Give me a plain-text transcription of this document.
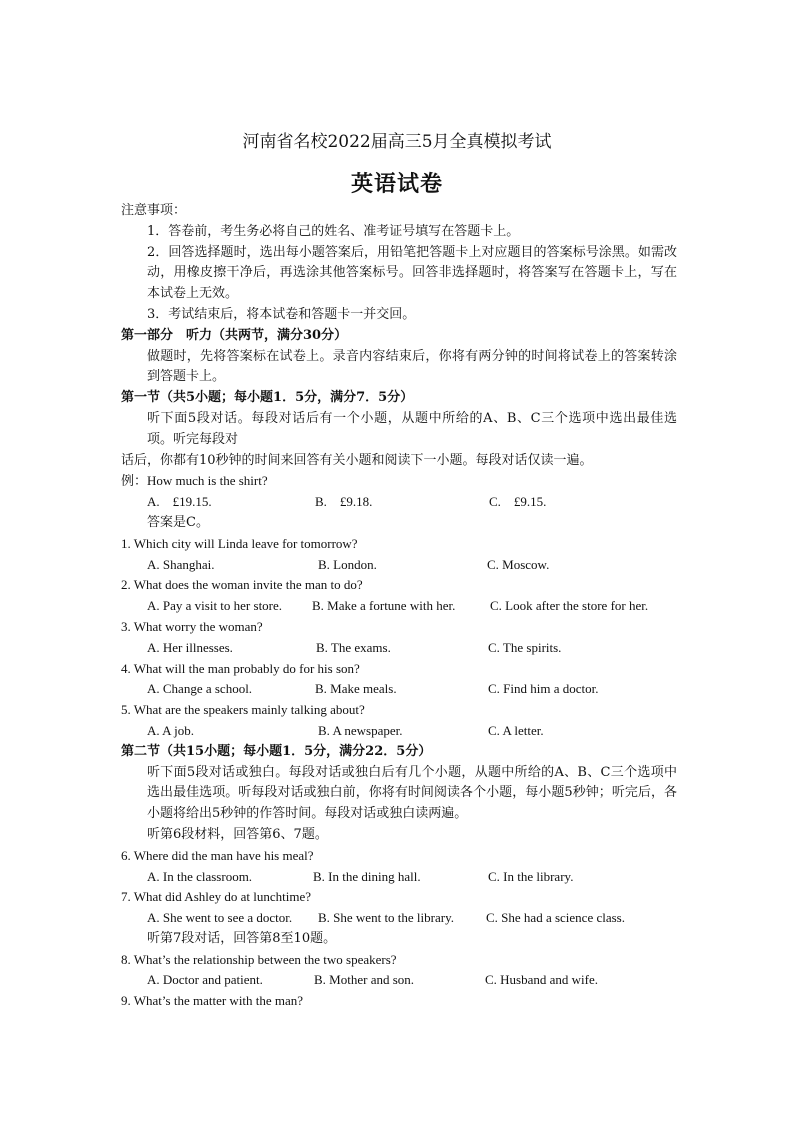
河南省名校2022届高三5月全真模拟考试
英语试卷

注意事项：

1．答卷前，考生务必将自己的姓名、准考证号填写在答题卡上。

2．回答选择题时，选出每小题答案后，用铅笔把答题卡上对应题目的答案标号涂黑。如需改动，用橡皮擦干净后，再选涂其他答案标号。回答非选择题时，将答案写在答题卡上，写在本试卷上无效。

3．考试结束后，将本试卷和答题卡一并交回。

第一部分　听力（共两节，满分30分）

做题时，先将答案标在试卷上。录音内容结束后，你将有两分钟的时间将试卷上的答案转涂到答题卡上。

第一节（共5小题；每小题1．5分，满分7．5分）

听下面5段对话。每段对话后有一个小题，从题中所给的A、B、C三个选项中选出最佳选项。听完每段对

话后，你都有10秒钟的时间来回答有关小题和阅读下一小题。每段对话仅读一遍。

例：How much is the shirt?

A.　£19.15.	B.　£9.18.	C.　£9.15.

答案是C。

1. Which city will Linda leave for tomorrow?

A. Shanghai.	B. London.	C. Moscow.

2. What does the woman invite the man to do?

A. Pay a visit to her store. B. Make a fortune with her.	C. Look after the store for her.

3. What worry the woman?

A. Her illnesses.	B. The exams.	C. The spirits.

4. What will the man probably do for his son?

A. Change a school.	B. Make meals.	C. Find him a doctor.

5. What are the speakers mainly talking about?

A. A job.	B. A newspaper.	C. A letter.

第二节（共15小题；每小题1．5分，满分22．5分）

听下面5段对话或独白。每段对话或独白后有几个小题，从题中所给的A、B、C三个选项中选出最佳选项。听每段对话或独白前，你将有时间阅读各个小题，每小题5秒钟；听完后，各小题将给出5秒钟的作答时间。每段对话或独白读两遍。

听第6段材料，回答第6、7题。

6. Where did the man have his meal?

A. In the classroom.	B. In the dining hall.	C. In the library.

7. What did Ashley do at lunchtime?

A. She went to see a doctor. B. She went to the library. C. She had a science class.

听第7段对话，回答第8至10题。

8. What’s the relationship between the two speakers?

A. Doctor and patient.	B. Mother and son.	C. Husband and wife.

9. What’s the matter with the man?
